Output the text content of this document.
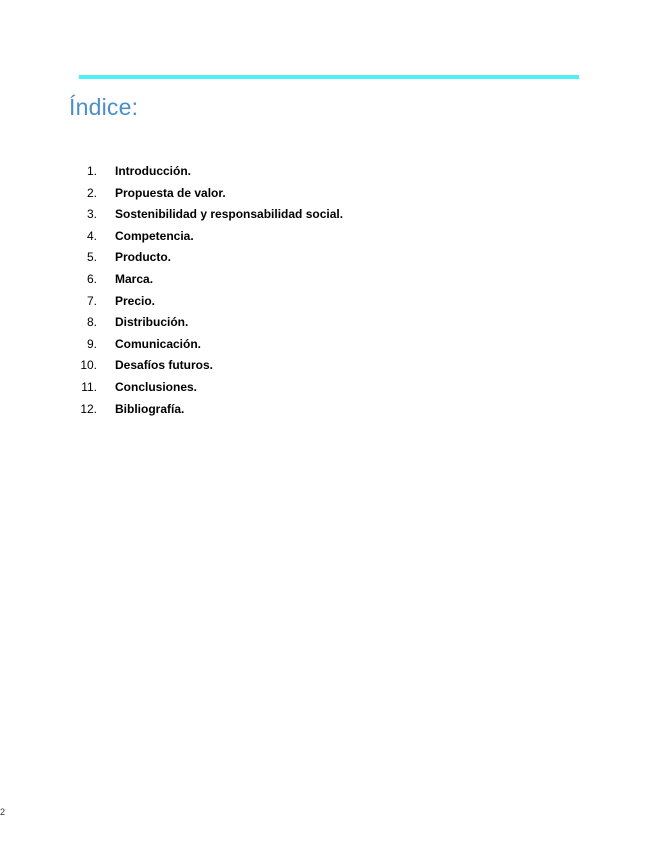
Índice:
1. Introducción.
2. Propuesta de valor.
3. Sostenibilidad y responsabilidad social.
4. Competencia.
5. Producto.
6. Marca.
7. Precio.
8. Distribución.
9. Comunicación.
10. Desafíos futuros.
11. Conclusiones.
12. Bibliografía.
2
